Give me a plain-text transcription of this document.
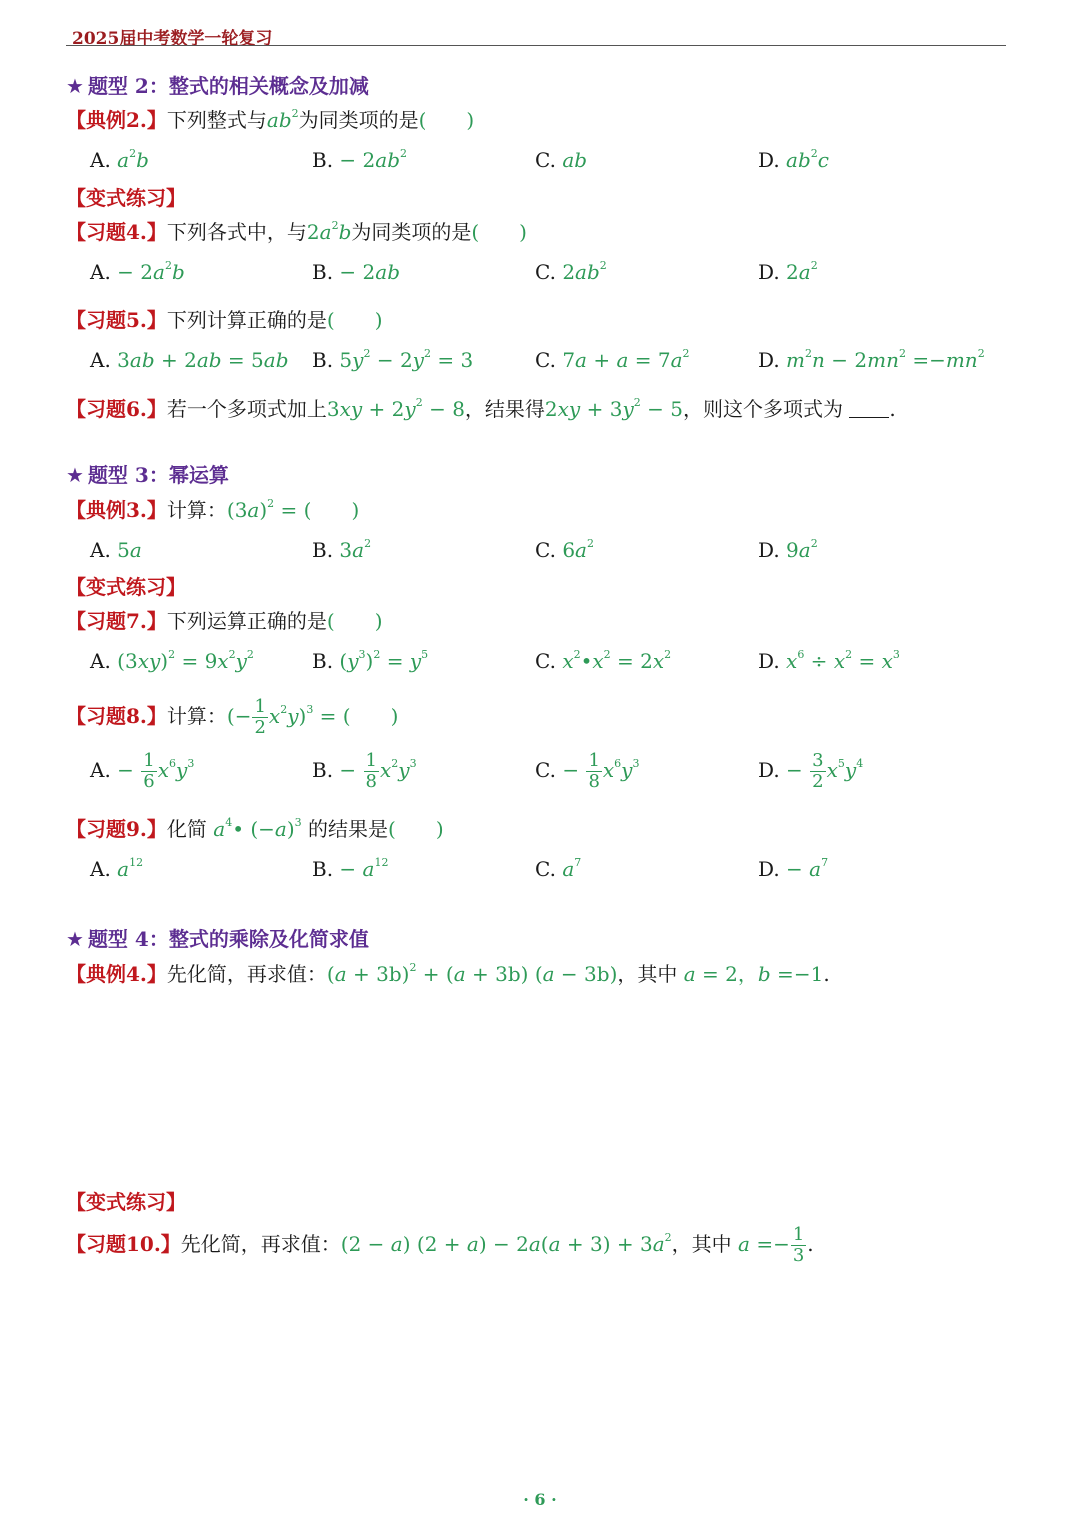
2025届中考数学一轮复习
★ 题型 2：整式的相关概念及加减
【典例2.】下列整式与$ab^2$为同类项的是(　　)
A. $a^2b$	B. − $2ab^2$	C. ab	D. $ab^2c$
【变式练习】
【习题4.】下列各式中，与$2a^2b$为同类项的是(　　)
A. − $2a^2b$	B. − 2ab	C. $2ab^2$	D. $2a^2$
【习题5.】下列计算正确的是(　　)
A. 3ab + 2ab = 5ab B. $5y^2 - 2y^2 = 3$	C. $7a + a = 7a^2$	D. $m^2n - 2mn^2 =-mn^2$
【习题6.】若一个多项式加上$3xy + 2y^2 - 8$，结果得$2xy + 3y^2 - 5$，则这个多项式为 .
★ 题型 3：幂运算
【典例3.】计算：$(3a)^2$ = (　　)
A. 5a	B. $3a^2$	C. $6a^2$	D. $9a^2$
【变式练习】
【习题7.】下列运算正确的是(　　)
A. $(3xy)^2 = 9x^2y^2$	B. $(y^3)^2 = y^5$	C. $x^2•x^2 = 2x^2$	D. $x^6 \div x^2 = x^3$
【习题8.】计算：(− $\frac{1}{2} x^2y)^3$ = (　　)
A. − $\frac{1}{6} x^6y^3$	B. − $\frac{1}{8} x^2y^3$	C. − $\frac{1}{8} x^6y^3$	D. − $\frac{3}{2} x^5y^4$
【习题9.】化简 $a^4•$ $(-a)^3$ 的结果是(　　)
A. $a^{12}$	B. − $a^{12}$	C. $a^7$	D. − $a^7$
★ 题型 4：整式的乘除及化简求值
【典例4.】先化简，再求值：$(a + 3b)^2 + (a + 3b)$ (a − 3b)，其中 a = 2，b =−1.
【变式练习】
【习题10.】先化简，再求值：(2 − a) $(2 + a) - 2a(a + 3) + 3a^2$，其中 $a =- \frac{1}{3}$ .
· 6 ·
